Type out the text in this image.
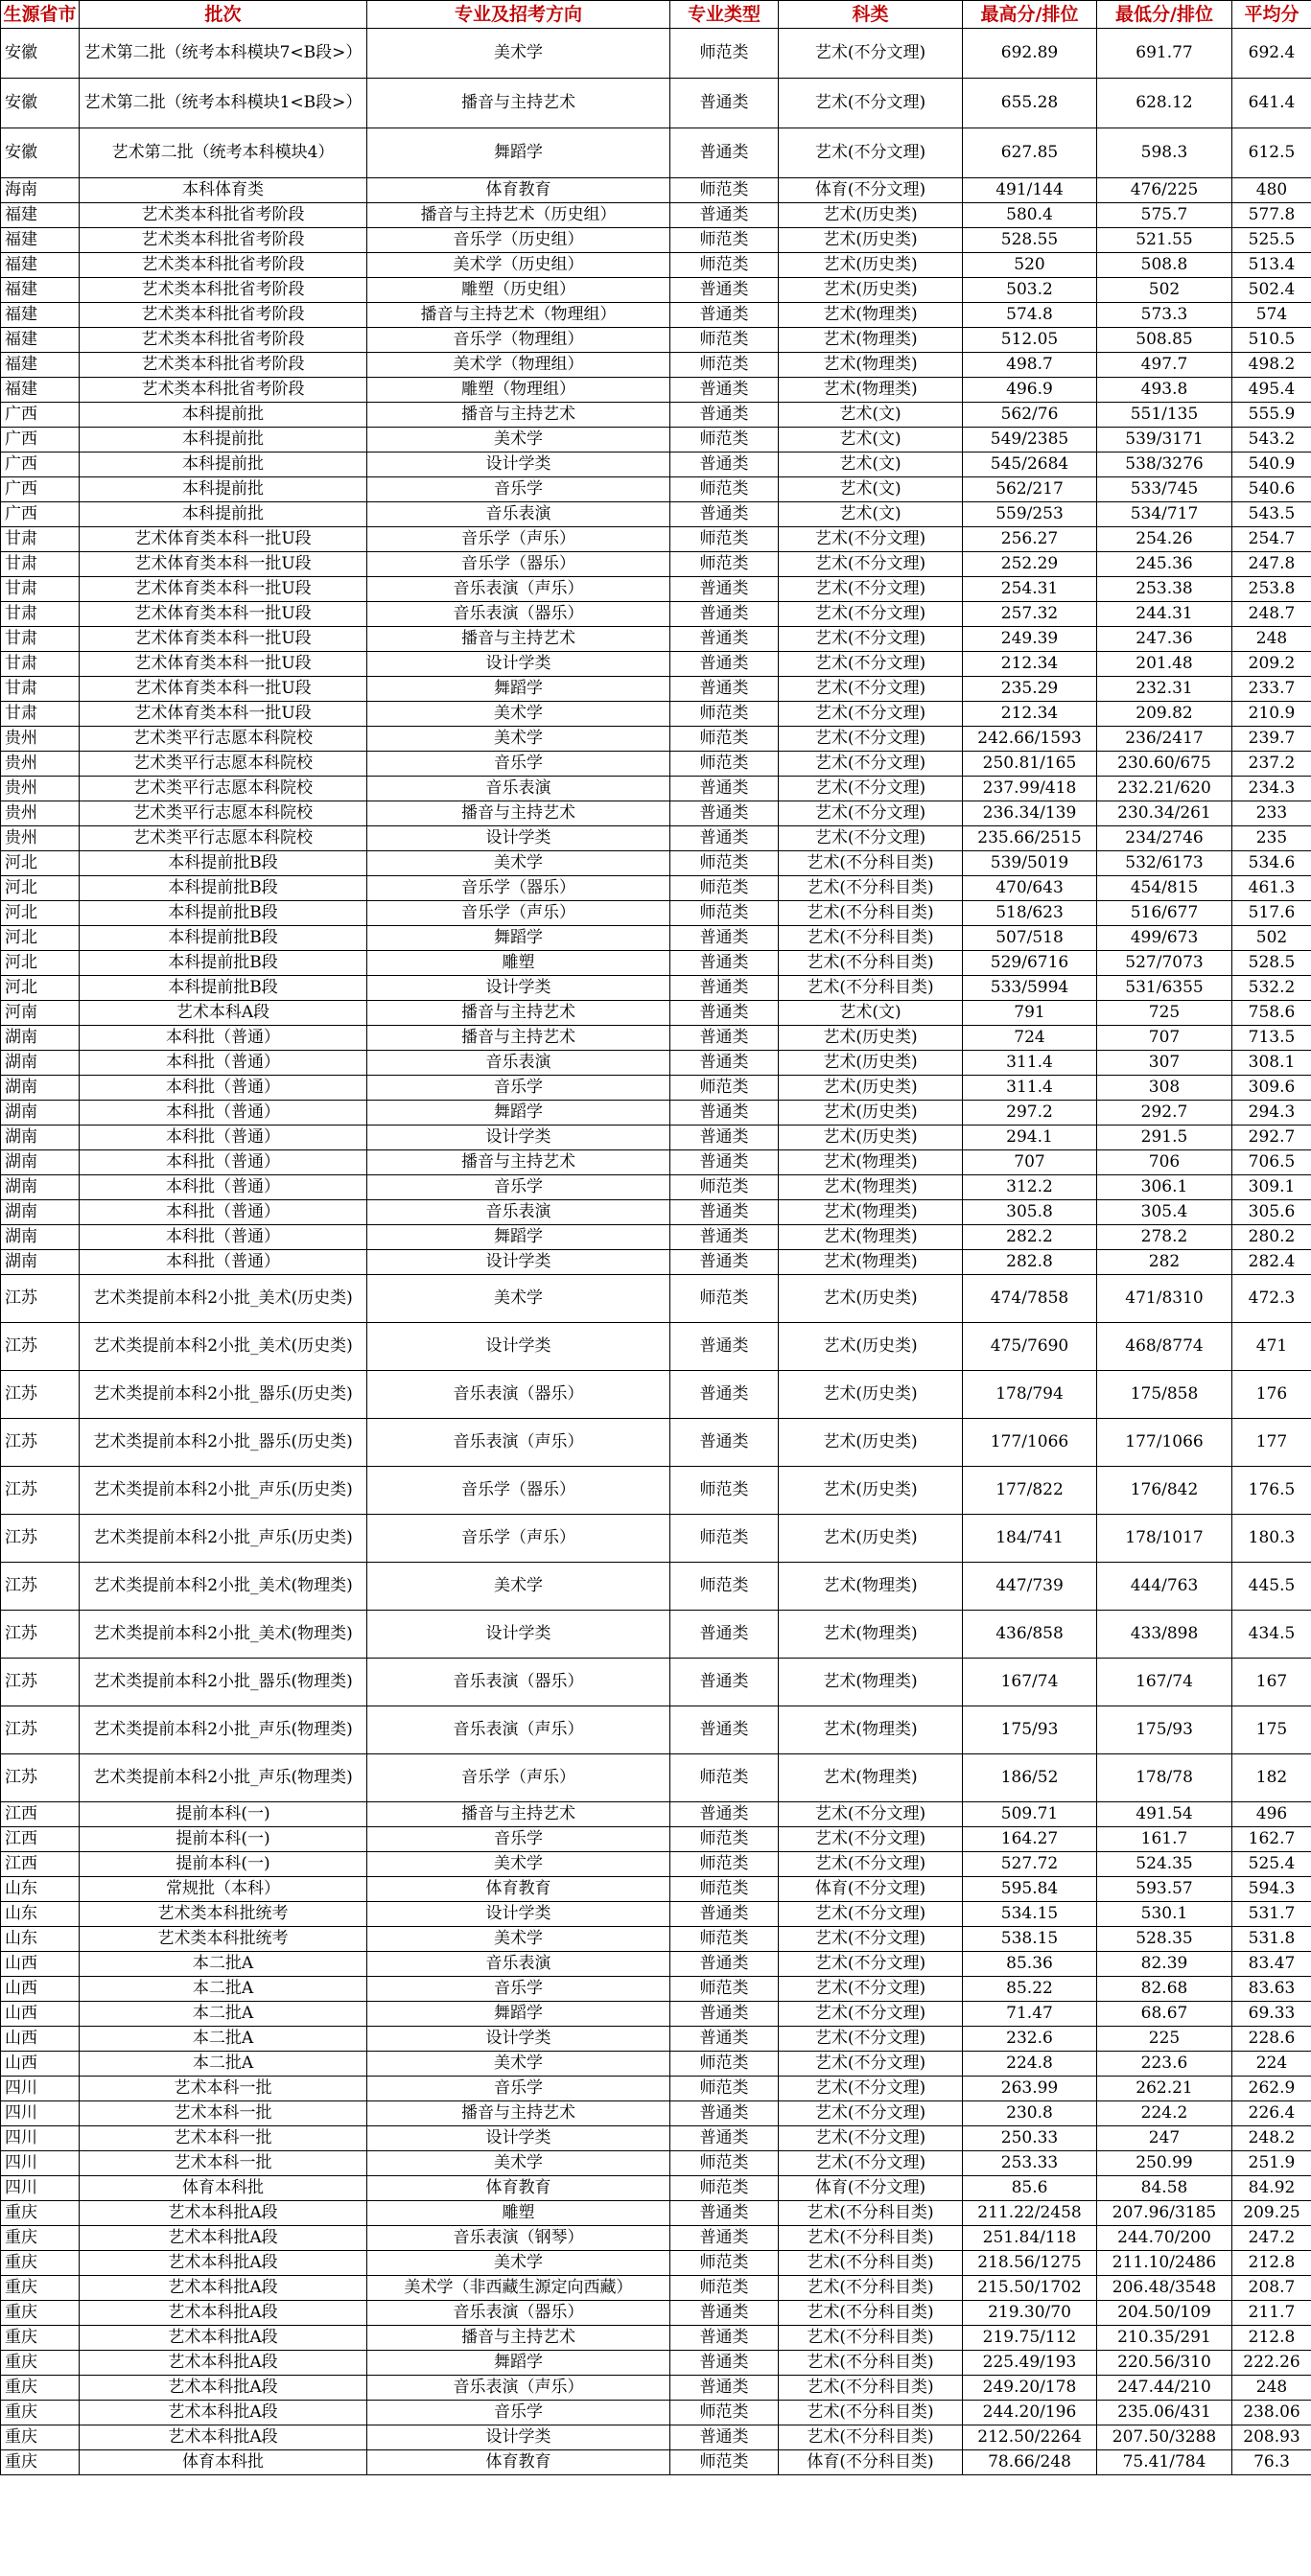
生源省市	批次	专业及招考方向	专业类型	科类	最高分/排位	最低分/排位	平均分
安徽	艺术第二批（统考本科模块7<B段>）	美术学	师范类	艺术(不分文理)	692.89	691.77	692.4
安徽	艺术第二批（统考本科模块1<B段>）	播音与主持艺术	普通类	艺术(不分文理)	655.28	628.12	641.4
安徽	艺术第二批（统考本科模块4）	舞蹈学	普通类	艺术(不分文理)	627.85	598.3	612.5
海南	本科体育类	体育教育	师范类	体育(不分文理)	491/144	476/225	480
福建	艺术类本科批省考阶段	播音与主持艺术（历史组）	普通类	艺术(历史类)	580.4	575.7	577.8
福建	艺术类本科批省考阶段	音乐学（历史组）	师范类	艺术(历史类)	528.55	521.55	525.5
福建	艺术类本科批省考阶段	美术学（历史组）	师范类	艺术(历史类)	520	508.8	513.4
福建	艺术类本科批省考阶段	雕塑（历史组）	普通类	艺术(历史类)	503.2	502	502.4
福建	艺术类本科批省考阶段	播音与主持艺术（物理组）	普通类	艺术(物理类)	574.8	573.3	574
福建	艺术类本科批省考阶段	音乐学（物理组）	师范类	艺术(物理类)	512.05	508.85	510.5
福建	艺术类本科批省考阶段	美术学（物理组）	师范类	艺术(物理类)	498.7	497.7	498.2
福建	艺术类本科批省考阶段	雕塑（物理组）	普通类	艺术(物理类)	496.9	493.8	495.4
广西	本科提前批	播音与主持艺术	普通类	艺术(文)	562/76	551/135	555.9
广西	本科提前批	美术学	师范类	艺术(文)	549/2385	539/3171	543.2
广西	本科提前批	设计学类	普通类	艺术(文)	545/2684	538/3276	540.9
广西	本科提前批	音乐学	师范类	艺术(文)	562/217	533/745	540.6
广西	本科提前批	音乐表演	普通类	艺术(文)	559/253	534/717	543.5
甘肃	艺术体育类本科一批U段	音乐学（声乐）	师范类	艺术(不分文理)	256.27	254.26	254.7
甘肃	艺术体育类本科一批U段	音乐学（器乐）	师范类	艺术(不分文理)	252.29	245.36	247.8
甘肃	艺术体育类本科一批U段	音乐表演（声乐）	普通类	艺术(不分文理)	254.31	253.38	253.8
甘肃	艺术体育类本科一批U段	音乐表演（器乐）	普通类	艺术(不分文理)	257.32	244.31	248.7
甘肃	艺术体育类本科一批U段	播音与主持艺术	普通类	艺术(不分文理)	249.39	247.36	248
甘肃	艺术体育类本科一批U段	设计学类	普通类	艺术(不分文理)	212.34	201.48	209.2
甘肃	艺术体育类本科一批U段	舞蹈学	普通类	艺术(不分文理)	235.29	232.31	233.7
甘肃	艺术体育类本科一批U段	美术学	师范类	艺术(不分文理)	212.34	209.82	210.9
贵州	艺术类平行志愿本科院校	美术学	师范类	艺术(不分文理)	242.66/1593	236/2417	239.7
贵州	艺术类平行志愿本科院校	音乐学	师范类	艺术(不分文理)	250.81/165	230.60/675	237.2
贵州	艺术类平行志愿本科院校	音乐表演	普通类	艺术(不分文理)	237.99/418	232.21/620	234.3
贵州	艺术类平行志愿本科院校	播音与主持艺术	普通类	艺术(不分文理)	236.34/139	230.34/261	233
贵州	艺术类平行志愿本科院校	设计学类	普通类	艺术(不分文理)	235.66/2515	234/2746	235
河北	本科提前批B段	美术学	师范类	艺术(不分科目类)	539/5019	532/6173	534.6
河北	本科提前批B段	音乐学（器乐）	师范类	艺术(不分科目类)	470/643	454/815	461.3
河北	本科提前批B段	音乐学（声乐）	师范类	艺术(不分科目类)	518/623	516/677	517.6
河北	本科提前批B段	舞蹈学	普通类	艺术(不分科目类)	507/518	499/673	502
河北	本科提前批B段	雕塑	普通类	艺术(不分科目类)	529/6716	527/7073	528.5
河北	本科提前批B段	设计学类	普通类	艺术(不分科目类)	533/5994	531/6355	532.2
河南	艺术本科A段	播音与主持艺术	普通类	艺术(文)	791	725	758.6
湖南	本科批（普通）	播音与主持艺术	普通类	艺术(历史类)	724	707	713.5
湖南	本科批（普通）	音乐表演	普通类	艺术(历史类)	311.4	307	308.1
湖南	本科批（普通）	音乐学	师范类	艺术(历史类)	311.4	308	309.6
湖南	本科批（普通）	舞蹈学	普通类	艺术(历史类)	297.2	292.7	294.3
湖南	本科批（普通）	设计学类	普通类	艺术(历史类)	294.1	291.5	292.7
湖南	本科批（普通）	播音与主持艺术	普通类	艺术(物理类)	707	706	706.5
湖南	本科批（普通）	音乐学	师范类	艺术(物理类)	312.2	306.1	309.1
湖南	本科批（普通）	音乐表演	普通类	艺术(物理类)	305.8	305.4	305.6
湖南	本科批（普通）	舞蹈学	普通类	艺术(物理类)	282.2	278.2	280.2
湖南	本科批（普通）	设计学类	普通类	艺术(物理类)	282.8	282	282.4
江苏	艺术类提前本科2小批_美术(历史类)	美术学	师范类	艺术(历史类)	474/7858	471/8310	472.3
江苏	艺术类提前本科2小批_美术(历史类)	设计学类	普通类	艺术(历史类)	475/7690	468/8774	471
江苏	艺术类提前本科2小批_器乐(历史类)	音乐表演（器乐）	普通类	艺术(历史类)	178/794	175/858	176
江苏	艺术类提前本科2小批_器乐(历史类)	音乐表演（声乐）	普通类	艺术(历史类)	177/1066	177/1066	177
江苏	艺术类提前本科2小批_声乐(历史类)	音乐学（器乐）	师范类	艺术(历史类)	177/822	176/842	176.5
江苏	艺术类提前本科2小批_声乐(历史类)	音乐学（声乐）	师范类	艺术(历史类)	184/741	178/1017	180.3
江苏	艺术类提前本科2小批_美术(物理类)	美术学	师范类	艺术(物理类)	447/739	444/763	445.5
江苏	艺术类提前本科2小批_美术(物理类)	设计学类	普通类	艺术(物理类)	436/858	433/898	434.5
江苏	艺术类提前本科2小批_器乐(物理类)	音乐表演（器乐）	普通类	艺术(物理类)	167/74	167/74	167
江苏	艺术类提前本科2小批_声乐(物理类)	音乐表演（声乐）	普通类	艺术(物理类)	175/93	175/93	175
江苏	艺术类提前本科2小批_声乐(物理类)	音乐学（声乐）	师范类	艺术(物理类)	186/52	178/78	182
江西	提前本科(一)	播音与主持艺术	普通类	艺术(不分文理)	509.71	491.54	496
江西	提前本科(一)	音乐学	师范类	艺术(不分文理)	164.27	161.7	162.7
江西	提前本科(一)	美术学	师范类	艺术(不分文理)	527.72	524.35	525.4
山东	常规批（本科）	体育教育	师范类	体育(不分文理)	595.84	593.57	594.3
山东	艺术类本科批统考	设计学类	普通类	艺术(不分文理)	534.15	530.1	531.7
山东	艺术类本科批统考	美术学	师范类	艺术(不分文理)	538.15	528.35	531.8
山西	本二批A	音乐表演	普通类	艺术(不分文理)	85.36	82.39	83.47
山西	本二批A	音乐学	师范类	艺术(不分文理)	85.22	82.68	83.63
山西	本二批A	舞蹈学	普通类	艺术(不分文理)	71.47	68.67	69.33
山西	本二批A	设计学类	普通类	艺术(不分文理)	232.6	225	228.6
山西	本二批A	美术学	师范类	艺术(不分文理)	224.8	223.6	224
四川	艺术本科一批	音乐学	师范类	艺术(不分文理)	263.99	262.21	262.9
四川	艺术本科一批	播音与主持艺术	普通类	艺术(不分文理)	230.8	224.2	226.4
四川	艺术本科一批	设计学类	普通类	艺术(不分文理)	250.33	247	248.2
四川	艺术本科一批	美术学	师范类	艺术(不分文理)	253.33	250.99	251.9
四川	体育本科批	体育教育	师范类	体育(不分文理)	85.6	84.58	84.92
重庆	艺术本科批A段	雕塑	普通类	艺术(不分科目类)	211.22/2458	207.96/3185	209.25
重庆	艺术本科批A段	音乐表演（钢琴）	普通类	艺术(不分科目类)	251.84/118	244.70/200	247.2
重庆	艺术本科批A段	美术学	师范类	艺术(不分科目类)	218.56/1275	211.10/2486	212.8
重庆	艺术本科批A段	美术学（非西藏生源定向西藏）	师范类	艺术(不分科目类)	215.50/1702	206.48/3548	208.7
重庆	艺术本科批A段	音乐表演（器乐）	普通类	艺术(不分科目类)	219.30/70	204.50/109	211.7
重庆	艺术本科批A段	播音与主持艺术	普通类	艺术(不分科目类)	219.75/112	210.35/291	212.8
重庆	艺术本科批A段	舞蹈学	普通类	艺术(不分科目类)	225.49/193	220.56/310	222.26
重庆	艺术本科批A段	音乐表演（声乐）	普通类	艺术(不分科目类)	249.20/178	247.44/210	248
重庆	艺术本科批A段	音乐学	师范类	艺术(不分科目类)	244.20/196	235.06/431	238.06
重庆	艺术本科批A段	设计学类	普通类	艺术(不分科目类)	212.50/2264	207.50/3288	208.93
重庆	体育本科批	体育教育	师范类	体育(不分科目类)	78.66/248	75.41/784	76.3
